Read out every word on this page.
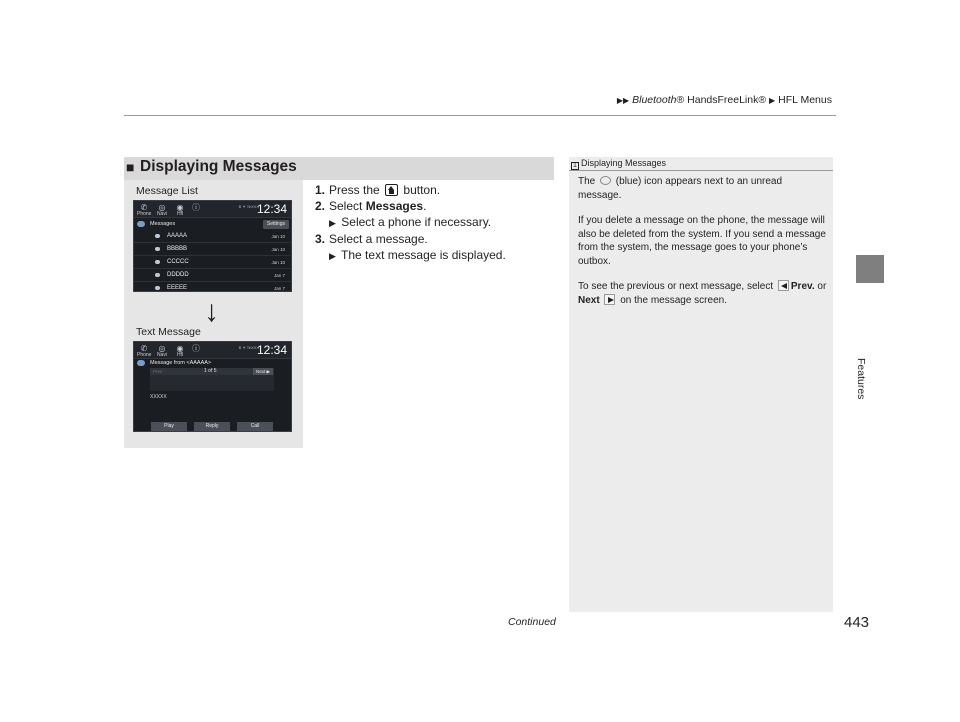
▶▶ Bluetooth® HandsFreeLink® ▶ HFL Menus
Features
■ Displaying Messages
Message List
✆
Phone
◎
Navi
◉
Hfl
ⓘ	B ✶ TeXXX
12:34
Messages	Settings
AAAAA	Jan 10
BBBBB	Jan 10
CCCCC	Jan 10
DDDDD	Jan 7
EEEEE	Jan 7
↓
Text Message
✆
Phone
◎
Navi
◉
Hfl
ⓘ	B ✶ TeXXX
12:34
Message from <AAAAA>
Prev	1 of 5	Next ▶
XXXXX
Play	Reply	Call
1. Press the button.
2. Select Messages.
▶ Select a phone if necessary.
3. Select a message.
▶ The text message is displayed.
1 Displaying Messages

The (blue) icon appears next to an unread message.

If you delete a message on the phone, the message will also be deleted from the system. If you send a message from the system, the message goes to your phone’s outbox.

To see the previous or next message, select Prev. or Next on the message screen.

Continued	443
